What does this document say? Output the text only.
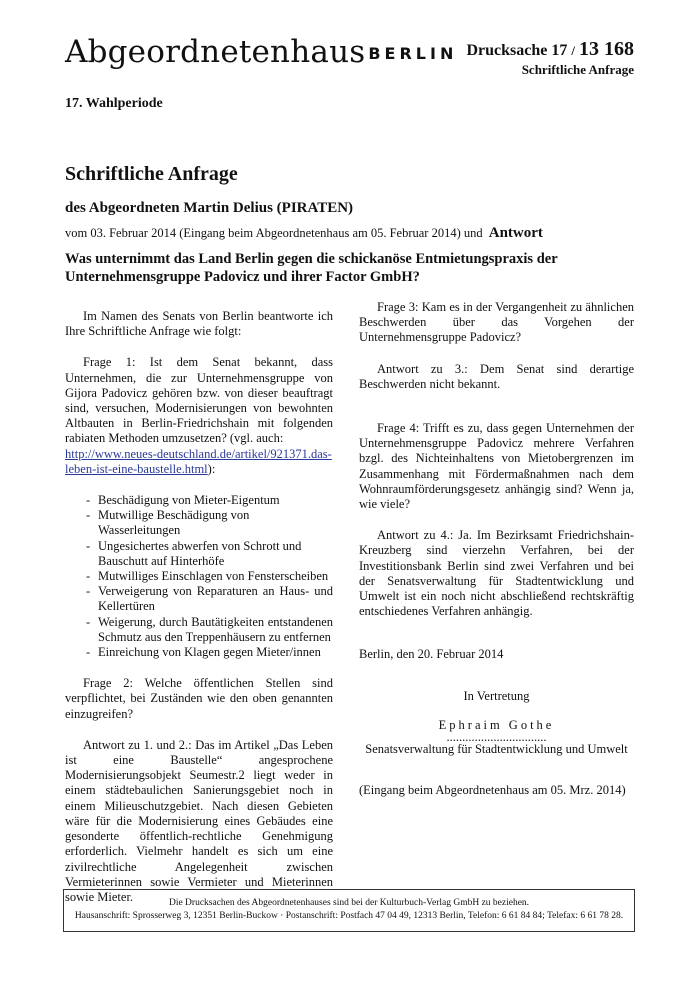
Abgeordnetenhaus BERLIN Drucksache 17 / 13 168
Schriftliche Anfrage
17. Wahlperiode
Schriftliche Anfrage
des Abgeordneten Martin Delius (PIRATEN)
vom 03. Februar 2014 (Eingang beim Abgeordnetenhaus am 05. Februar 2014) und Antwort
Was unternimmt das Land Berlin gegen die schickanöse Entmietungspraxis der Unternehmensgruppe Padovicz und ihrer Factor GmbH?

Im Namen des Senats von Berlin beantworte ich Ihre Schriftliche Anfrage wie folgt:

Frage 1: Ist dem Senat bekannt, dass Unternehmen, die zur Unternehmensgruppe von Gijora Padovicz gehören bzw. von dieser beauftragt sind, versuchen, Modernisierungen von bewohnten Altbauten in Berlin-Friedrichshain mit folgenden rabiaten Methoden umzusetzen? (vgl. auch:
http://www.neues-deutschland.de/artikel/921371.das-leben-ist-eine-baustelle.html):

- Beschädigung von Mieter-Eigentum
- Mutwillige Beschädigung von Wasserleitungen
- Ungesichertes abwerfen von Schrott und Bauschutt auf Hinterhöfe
- Mutwilliges Einschlagen von Fensterscheiben
- Verweigerung von Reparaturen an Haus- und Kellertüren
- Weigerung, durch Bautätigkeiten entstandenen Schmutz aus den Treppenhäusern zu entfernen
- Einreichung von Klagen gegen Mieter/innen

Frage 2: Welche öffentlichen Stellen sind verpflichtet, bei Zuständen wie den oben genannten einzugreifen?

Antwort zu 1. und 2.: Das im Artikel „Das Leben ist eine Baustelle“ angesprochene Modernisierungsobjekt Seumestr.2 liegt weder in einem städtebaulichen Sanierungsgebiet noch in einem Milieuschutzgebiet. Nach diesen Gebieten wäre für die Modernisierung eines Gebäudes eine gesonderte öffentlich-rechtliche Genehmigung erforderlich. Vielmehr handelt es sich um eine zivilrechtliche Angelegenheit zwischen Vermieterinnen sowie Vermieter und Mieterinnen sowie Mieter.

Frage 3: Kam es in der Vergangenheit zu ähnlichen Beschwerden über das Vorgehen der Unternehmensgruppe Padovicz?

Antwort zu 3.: Dem Senat sind derartige Beschwerden nicht bekannt.

Frage 4: Trifft es zu, dass gegen Unternehmen der Unternehmensgruppe Padovicz mehrere Verfahren bzgl. des Nichteinhaltens von Mietobergrenzen im Zusammenhang mit Fördermaßnahmen nach dem Wohnraumförderungsgesetz anhängig sind? Wenn ja, wie viele?

Antwort zu 4.: Ja. Im Bezirksamt Friedrichshain-Kreuzberg sind vierzehn Verfahren, bei der Investitionsbank Berlin sind zwei Verfahren und bei der Senatsverwaltung für Stadtentwicklung und Umwelt ist ein noch nicht abschließend rechtskräftig entschiedenes Verfahren anhängig.

Berlin, den 20. Februar 2014

In Vertretung
Ephraim Gothe
................................
Senatsverwaltung für Stadtentwicklung und Umwelt
(Eingang beim Abgeordnetenhaus am 05. Mrz. 2014)
Die Drucksachen des Abgeordnetenhauses sind bei der Kulturbuch-Verlag GmbH zu beziehen.
Hausanschrift: Sprosserweg 3, 12351 Berlin-Buckow · Postanschrift: Postfach 47 04 49, 12313 Berlin, Telefon: 6 61 84 84; Telefax: 6 61 78 28.
